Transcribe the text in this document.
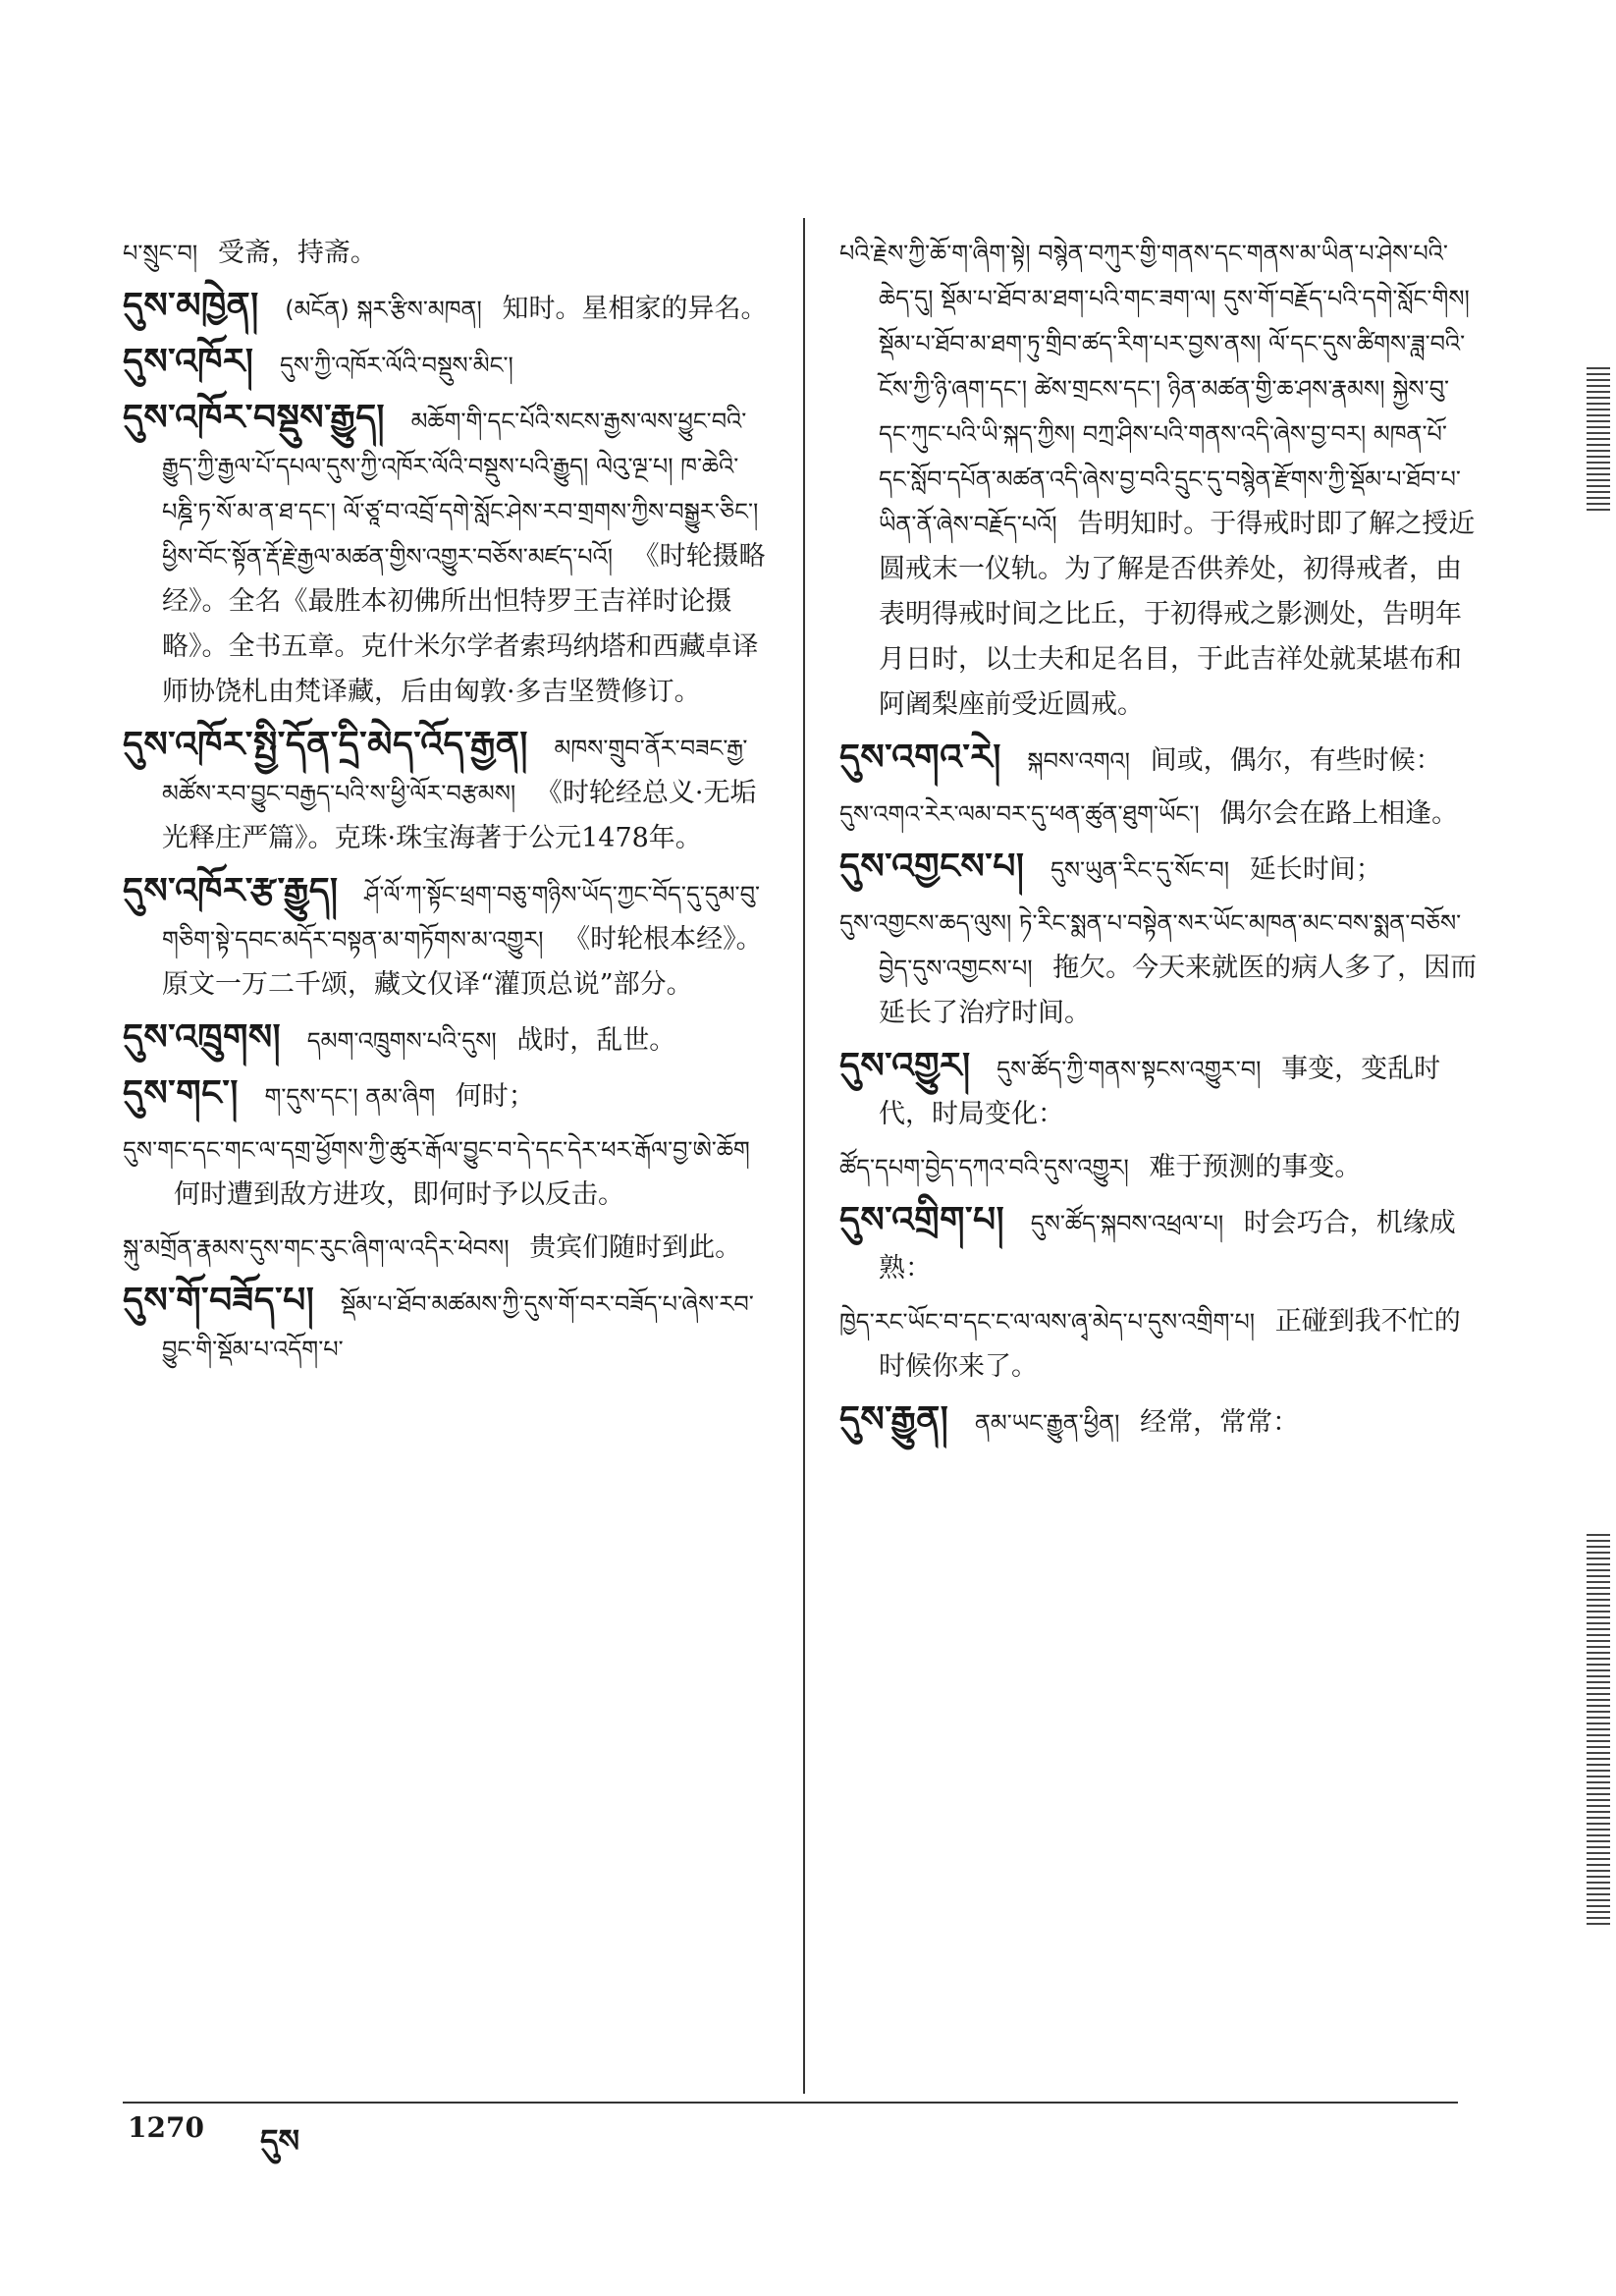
པ་སྲུང་བ། 受斋，持斋。

དུས་མཁྱེན། (མངོན) སྐར་རྩིས་མཁན། 知时。星相家的异名。

དུས་འཁོར། དུས་ཀྱི་འཁོར་ལོའི་བསྡུས་མིང་།

དུས་འཁོར་བསྡུས་རྒྱུད། མཆོག་གི་དང་པོའི་སངས་རྒྱས་ལས་ཕྱུང་བའི་རྒྱུད་ཀྱི་རྒྱལ་པོ་དཔལ་དུས་ཀྱི་འཁོར་ལོའི་བསྡུས་པའི་རྒྱུད། ལེའུ་ལྔ་པ། ཁ་ཆེའི་པཎྜི་ཏ་སོ་མ་ན་ཐ་དང་། ལོ་ཙཱ་བ་འབྲོ་དགེ་སློང་ཤེས་རབ་གྲགས་ཀྱིས་བསྒྱུར་ཅིང་། ཕྱིས་བོང་སྟོན་རྡོ་རྗེ་རྒྱལ་མཚན་གྱིས་འགྱུར་བཅོས་མཛད་པའོ། 《时轮摄略经》。全名《最胜本初佛所出怛特罗王吉祥时论摄略》。全书五章。克什米尔学者索玛纳塔和西藏卓译师协饶札由梵译藏，后由匈敦·多吉坚赞修订。

དུས་འཁོར་སྤྱི་དོན་དྲི་མེད་འོད་རྒྱན། མཁས་གྲུབ་ནོར་བཟང་རྒྱ་མཚོས་རབ་བྱུང་བརྒྱད་པའི་ས་ཕྱི་ལོར་བརྩམས། 《时轮经总义·无垢光释庄严篇》。克珠·珠宝海著于公元1478年。

དུས་འཁོར་རྩ་རྒྱུད། ཤོ་ལོ་ཀ་སྟོང་ཕྲག་བཅུ་གཉིས་ཡོད་ཀྱང་བོད་དུ་དུམ་བུ་གཅིག་སྟེ་དབང་མདོར་བསྟན་མ་གཏོགས་མ་འགྱུར། 《时轮根本经》。原文一万二千颂，藏文仅译“灌顶总说”部分。

དུས་འཁྲུགས། དམག་འཁྲུགས་པའི་དུས། 战时，乱世。

དུས་གང་། ག་དུས་དང་། ནམ་ཞིག 何时；

དུས་གང་དང་གང་ལ་དགྲ་ཕྱོགས་ཀྱི་ཚུར་རྒོལ་བྱུང་བ་དེ་དང་དེར་ཕར་རྒོལ་བྱ་ཨེ་ཆོག 何时遭到敌方进攻，即何时予以反击。

སྐུ་མགྲོན་རྣམས་དུས་གང་རུང་ཞིག་ལ་འདིར་ཕེབས། 贵宾们随时到此。

དུས་གོ་བཟོད་པ། སྡོམ་པ་ཐོབ་མཚམས་ཀྱི་དུས་གོ་བར་བཟོད་པ་ཞེས་རབ་བྱུང་གི་སྡོམ་པ་འདོག་པ་

པའི་རྗེས་ཀྱི་ཆོ་ག་ཞིག་སྟེ། བསྙེན་བཀུར་གྱི་གནས་དང་གནས་མ་ཡིན་པ་ཤེས་པའི་ཆེད་དུ། སྡོམ་པ་ཐོབ་མ་ཐག་པའི་གང་ཟག་ལ། དུས་གོ་བརྗོད་པའི་དགེ་སློང་གིས། སྡོམ་པ་ཐོབ་མ་ཐག་ཏུ་གྲིབ་ཚད་རིག་པར་བྱས་ནས། ལོ་དང་དུས་ཚིགས་ཟླ་བའི་ངོས་ཀྱི་ཉི་ཞག་དང་། ཚེས་གྲངས་དང་། ཉིན་མཚན་གྱི་ཆ་ཤས་རྣམས། སྐྱེས་བུ་དང་ཀུང་པའི་ཡི་སྐད་ཀྱིས། བཀྲ་ཤིས་པའི་གནས་འདི་ཞེས་བྱ་བར། མཁན་པོ་དང་སློབ་དཔོན་མཚན་འདི་ཞེས་བྱ་བའི་དྲུང་དུ་བསྙེན་རྫོགས་ཀྱི་སྡོམ་པ་ཐོབ་པ་ཡིན་ནོ་ཞེས་བརྗོད་པའོ། 告明知时。于得戒时即了解之授近圆戒末一仪轨。为了解是否供养处，初得戒者，由表明得戒时间之比丘，于初得戒之影测处，告明年月日时，以士夫和足名目，于此吉祥处就某堪布和阿阇梨座前受近圆戒。

དུས་འགའ་རེ། སྐབས་འགའ། 间或，偶尔，有些时候：

དུས་འགའ་རེར་ལམ་བར་དུ་ཕན་ཚུན་ཐུག་ཡོང་། 偶尔会在路上相逢。

དུས་འགྱངས་པ། དུས་ཡུན་རིང་དུ་སོང་བ། 延长时间；

དུས་འགྱངས་ཆད་ལུས། ཏེ་རིང་སྨན་པ་བསྟེན་སར་ཡོང་མཁན་མང་བས་སྨན་བཅོས་བྱེད་དུས་འགྱངས་པ། 拖欠。今天来就医的病人多了，因而延长了治疗时间。

དུས་འགྱུར། དུས་ཚོད་ཀྱི་གནས་སྟངས་འགྱུར་བ། 事变，变乱时代，时局变化：

ཚོད་དཔག་བྱེད་དཀའ་བའི་དུས་འགྱུར། 难于预测的事变。

དུས་འགྲིག་པ། དུས་ཚོད་སྐབས་འཕྲལ་པ། 时会巧合，机缘成熟：

ཁྱེད་རང་ཡོང་བ་དང་ང་ལ་ལས་ཞྭ་མེད་པ་དུས་འགྲིག་པ། 正碰到我不忙的时候你来了。

དུས་རྒྱུན། ནམ་ཡང་རྒྱུན་ཕྱིན། 经常，常常：

1270 དུས
